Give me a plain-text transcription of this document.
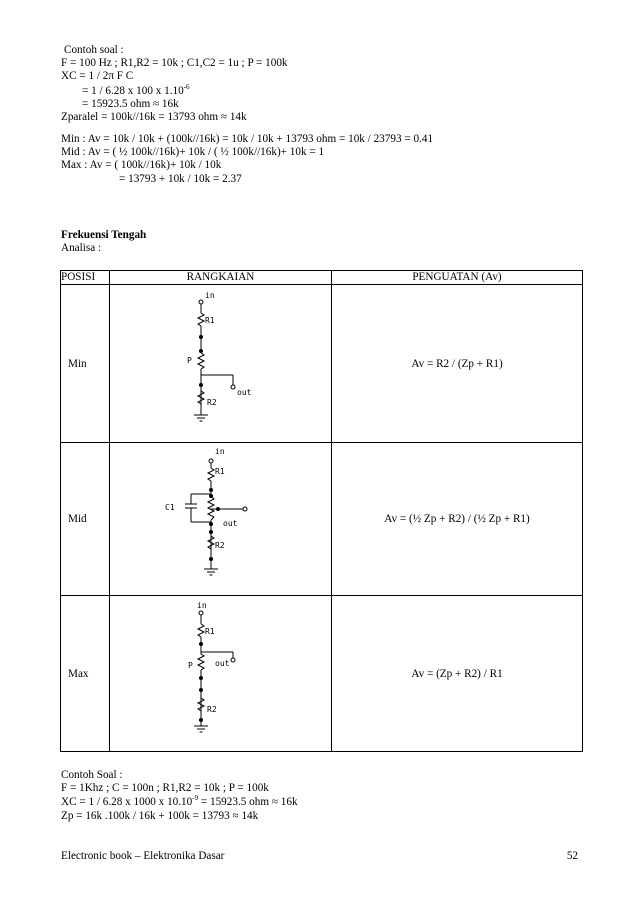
Contoh soal :
F = 100 Hz ; R1,R2 = 10k ; C1,C2 = 1u ; P = 100k
XC = 1 / 2π F C
= 1 / 6.28 x 100 x $1.10^{-6}$
= 15923.5 ohm ≈ 16k
Zparalel = 100k//16k = 13793 ohm ≈ 14k
Min : Av = 10k / 10k + (100k//16k) = 10k / 10k + 13793 ohm = 10k / 23793 = 0.41
Mid : Av = ( ½ 100k//16k)+ 10k / ( ½ 100k//16k)+ 10k = 1
Max : Av = ( 100k//16k)+ 10k / 10k
= 13793 + 10k / 10k = 2.37
Frekuensi Tengah
Analisa :
POSISI	RANGKAIAN	PENGUATAN (Av)
Min	in
R1
P
out
R2	Av = R2 / (Zp + R1)
Mid	in
R1
C1
out
R2	Av = (½ Zp + R2) / (½ Zp + R1)
Max	in
R1
out
P
R2	Av = (Zp + R2) / R1
Contoh Soal :
F = 1Khz ; C = 100n ; R1,R2 = 10k ; P = 100k
XC = 1 / 6.28 x 1000 x $10.10^{-9} = 15923.5$ ohm ≈ 16k
Zp = 16k .100k / 16k + 100k = 13793 ≈ 14k
Electronic book – Elektronika Dasar	52
